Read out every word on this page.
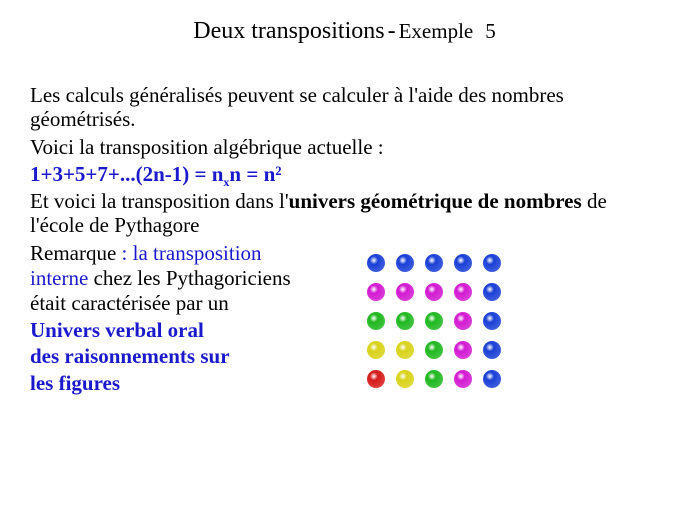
Deux transpositions - Exemple 5
Les calculs généralisés peuvent se calculer à l'aide des nombres
géométrisés.
Voici la transposition algébrique actuelle :
$1+3+5+7+...(2n-1) = n_xn = n^2$
Et voici la transposition dans l'univers géométrique de nombres de
l'école de Pythagore
Remarque : la transposition
interne chez les Pythagoriciens
était caractérisée par un
Univers verbal oral
des raisonnements sur
les figures
